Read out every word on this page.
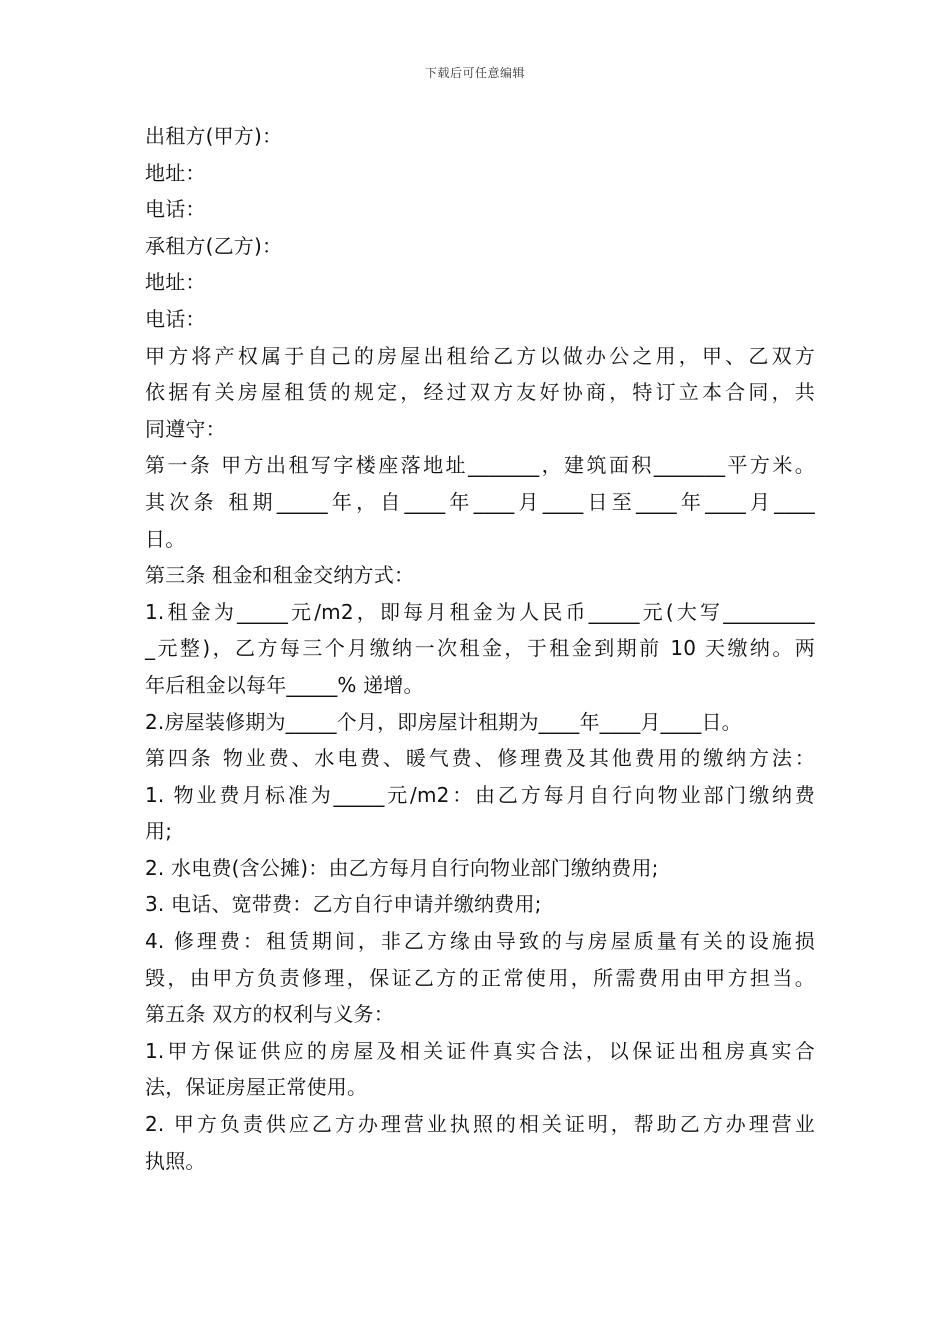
下载后可任意编辑
出租方(甲方)：
地址：
电话：
承租方(乙方)：
地址：
电话：
甲方将产权属于自己的房屋出租给乙方以做办公之用，甲、乙双方
依据有关房屋租赁的规定，经过双方友好协商，特订立本合同，共
同遵守：
第一条 甲方出租写字楼座落地址_______，建筑面积_______平方米。
其次条 租期_____年，自____年____月____日至____年____月____
日。
第三条 租金和租金交纳方式：
1.租金为_____元/m2，即每月租金为人民币_____元(大写_________
_元整)，乙方每三个月缴纳一次租金，于租金到期前 10 天缴纳。两
年后租金以每年_____% 递增。
2.房屋装修期为_____个月，即房屋计租期为____年____月____日。
第四条 物业费、水电费、暖气费、修理费及其他费用的缴纳方法：
1. 物业费月标准为_____元/m2：由乙方每月自行向物业部门缴纳费
用;
2. 水电费(含公摊)：由乙方每月自行向物业部门缴纳费用;
3. 电话、宽带费：乙方自行申请并缴纳费用;
4. 修理费：租赁期间，非乙方缘由导致的与房屋质量有关的设施损
毁，由甲方负责修理，保证乙方的正常使用，所需费用由甲方担当。
第五条 双方的权利与义务：
1.甲方保证供应的房屋及相关证件真实合法，以保证出租房真实合
法，保证房屋正常使用。
2. 甲方负责供应乙方办理营业执照的相关证明，帮助乙方办理营业
执照。
